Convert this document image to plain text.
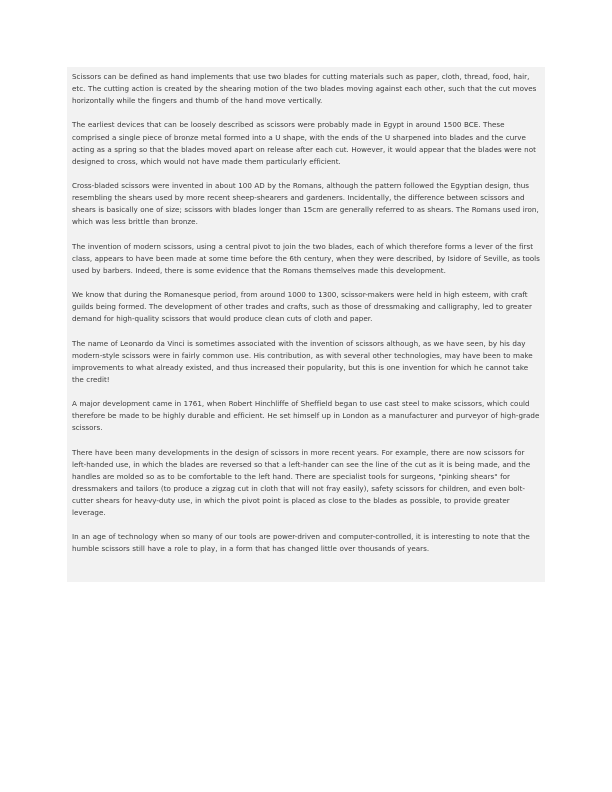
Scissors can be defined as hand implements that use two blades for cutting materials such as paper, cloth, thread, food, hair, etc. The cutting action is created by the shearing motion of the two blades moving against each other, such that the cut moves horizontally while the fingers and thumb of the hand move vertically.

The earliest devices that can be loosely described as scissors were probably made in Egypt in around 1500 BCE. These comprised a single piece of bronze metal formed into a U shape, with the ends of the U sharpened into blades and the curve acting as a spring so that the blades moved apart on release after each cut. However, it would appear that the blades were not designed to cross, which would not have made them particularly efficient.

Cross-bladed scissors were invented in about 100 AD by the Romans, although the pattern followed the Egyptian design, thus resembling the shears used by more recent sheep-shearers and gardeners. Incidentally, the difference between scissors and shears is basically one of size; scissors with blades longer than 15cm are generally referred to as shears. The Romans used iron, which was less brittle than bronze.

The invention of modern scissors, using a central pivot to join the two blades, each of which therefore forms a lever of the first class, appears to have been made at some time before the 6th century, when they were described, by Isidore of Seville, as tools used by barbers. Indeed, there is some evidence that the Romans themselves made this development.

We know that during the Romanesque period, from around 1000 to 1300, scissor-makers were held in high esteem, with craft guilds being formed. The development of other trades and crafts, such as those of dressmaking and calligraphy, led to greater demand for high-quality scissors that would produce clean cuts of cloth and paper.

The name of Leonardo da Vinci is sometimes associated with the invention of scissors although, as we have seen, by his day modern-style scissors were in fairly common use. His contribution, as with several other technologies, may have been to make improvements to what already existed, and thus increased their popularity, but this is one invention for which he cannot take the credit!

A major development came in 1761, when Robert Hinchliffe of Sheffield began to use cast steel to make scissors, which could therefore be made to be highly durable and efficient. He set himself up in London as a manufacturer and purveyor of high-grade scissors.

There have been many developments in the design of scissors in more recent years. For example, there are now scissors for left-handed use, in which the blades are reversed so that a left-hander can see the line of the cut as it is being made, and the handles are molded so as to be comfortable to the left hand. There are specialist tools for surgeons, "pinking shears" for dressmakers and tailors (to produce a zigzag cut in cloth that will not fray easily), safety scissors for children, and even bolt-cutter shears for heavy-duty use, in which the pivot point is placed as close to the blades as possible, to provide greater leverage.

In an age of technology when so many of our tools are power-driven and computer-controlled, it is interesting to note that the humble scissors still have a role to play, in a form that has changed little over thousands of years.
